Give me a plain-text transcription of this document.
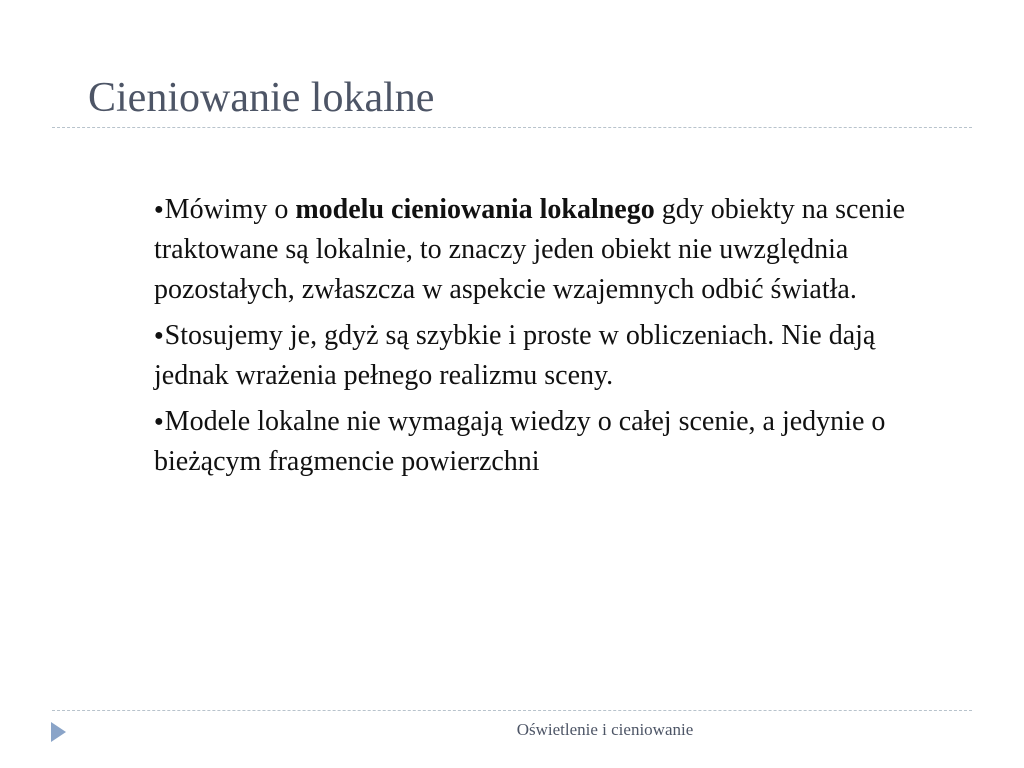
Cieniowanie lokalne

●Mówimy o modelu cieniowania lokalnego gdy obiekty na scenie traktowane są lokalnie, to znaczy jeden obiekt nie uwzględnia pozostałych, zwłaszcza w aspekcie wzajemnych odbić światła.

●Stosujemy je, gdyż są szybkie i proste w obliczeniach. Nie dają jednak wrażenia pełnego realizmu sceny.

●Modele lokalne nie wymagają wiedzy o całej scenie, a jedynie o bieżącym fragmencie powierzchni

Oświetlenie i cieniowanie
